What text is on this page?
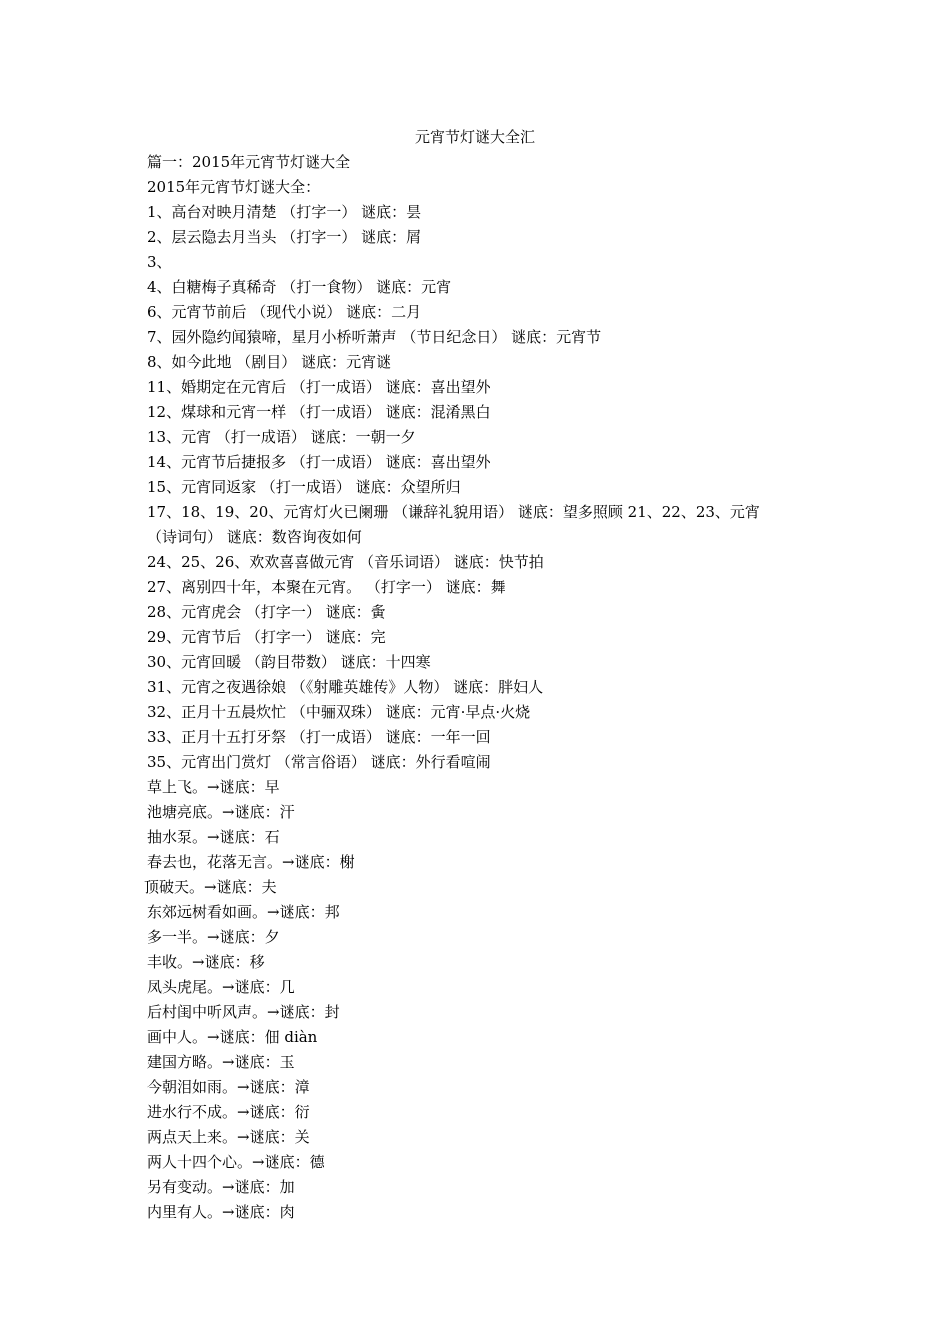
元宵节灯谜大全汇
篇一：2015年元宵节灯谜大全
2015年元宵节灯谜大全：
1、高台对映月清楚 （打字一） 谜底：昙
2、层云隐去月当头 （打字一） 谜底：屑
3、
4、白糖梅子真稀奇 （打一食物） 谜底：元宵
6、元宵节前后 （现代小说） 谜底：二月
7、园外隐约闻猿啼，星月小桥听萧声 （节日纪念日） 谜底：元宵节
8、如今此地 （剧目） 谜底：元宵谜
11、婚期定在元宵后 （打一成语） 谜底：喜出望外
12、煤球和元宵一样 （打一成语） 谜底：混淆黑白
13、元宵 （打一成语） 谜底：一朝一夕
14、元宵节后捷报多 （打一成语） 谜底：喜出望外
15、元宵同返家 （打一成语） 谜底：众望所归
17、18、19、20、元宵灯火已阑珊 （谦辞礼貌用语） 谜底：望多照顾 21、22、23、元宵
（诗词句） 谜底：数咨询夜如何
24、25、26、欢欢喜喜做元宵 （音乐词语） 谜底：快节拍
27、离别四十年，本聚在元宵。 （打字一） 谜底：舞
28、元宵虎会 （打字一） 谜底：夤
29、元宵节后 （打字一） 谜底：完
30、元宵回暖 （韵目带数） 谜底：十四寒
31、元宵之夜遇徐娘 （《射雕英雄传》人物） 谜底：胖妇人
32、正月十五晨炊忙 （中骊双珠） 谜底：元宵·早点·火烧
33、正月十五打牙祭 （打一成语） 谜底：一年一回
35、元宵出门赏灯 （常言俗语） 谜底：外行看喧闹
草上飞。→谜底：早
池塘亮底。→谜底：汗
抽水泵。→谜底：石
春去也，花落无言。→谜底：榭
顶破天。→谜底：夫
东郊远树看如画。→谜底：邦
多一半。→谜底：夕
丰收。→谜底：移
凤头虎尾。→谜底：几
后村闺中听风声。→谜底：封
画中人。→谜底：佃 diàn
建国方略。→谜底：玉
今朝泪如雨。→谜底：漳
进水行不成。→谜底：衍
两点天上来。→谜底：关
两人十四个心。→谜底：德
另有变动。→谜底：加
内里有人。→谜底：肉
